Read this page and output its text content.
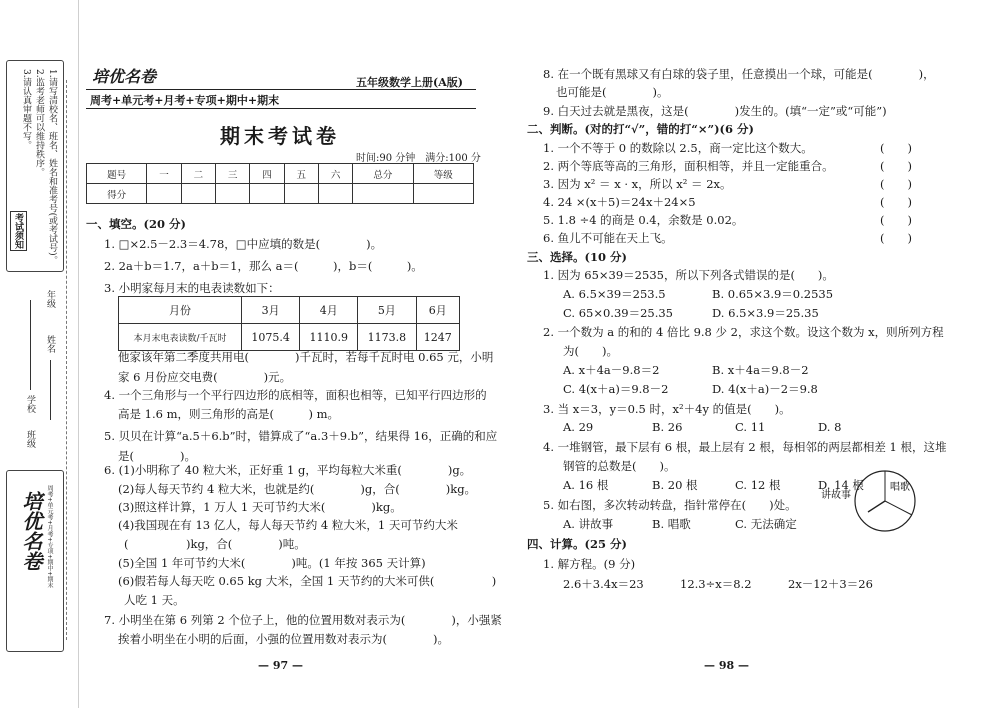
1.请写清校名、班名、姓名和准考号(或考试号)。
2.监考老师可以维持秩序。
3.请认真审题不写。
考试须知
学校
班级
姓名
年级
培优名卷 周考+单元考+月考+专项+期中+期末
培优名卷	五年级数学上册(A版)
周考+单元考+月考+专项+期中+期末
期末考试卷
时间:90 分钟　满分:100 分
题号	一	二	三	四	五	六	总分	等级
得分								
一、填空。(20 分)
1. □×2.5－2.3＝4.78，□中应填的数是(　　　　)。
2. 2a＋b＝1.7，a＋b＝1，那么 a＝(　　　)，b＝(　　　)。
3. 小明家每月末的电表读数如下：
月份	3月	4月	5月	6月
本月末电表读数/千瓦时	1075.4	1110.9	1173.8	1247
他家该年第二季度共用电(　　　　)千瓦时，若每千瓦时电 0.65 元，小明
家 6 月份应交电费(　　　　)元。
4. 一个三角形与一个平行四边形的底相等，面积也相等，已知平行四边形的
高是 1.6 m，则三角形的高是(　　　) m。
5. 贝贝在计算“a.5＋6.b”时，错算成了“a.3＋9.b”，结果得 16，正确的和应
是(　　　　)。
6. (1)小明称了 40 粒大米，正好重 1 g，平均每粒大米重(　　　　)g。
(2)每人每天节约 4 粒大米，也就是约(　　　　)g，合(　　　　)kg。
(3)照这样计算，1 万人 1 天可节约大米(　　　　)kg。
(4)我国现在有 13 亿人，每人每天节约 4 粒大米，1 天可节约大米
(　　　　　)kg，合(　　　　)吨。
(5)全国 1 年可节约大米(　　　　)吨。(1 年按 365 天计算)
(6)假若每人每天吃 0.65 kg 大米，全国 1 天节约的大米可供(　　　　　)
人吃 1 天。
7. 小明坐在第 6 列第 2 个位子上，他的位置用数对表示为(　　　　)，小强紧
挨着小明坐在小明的后面，小强的位置用数对表示为(　　　　)。
— 97 —
8. 在一个既有黑球又有白球的袋子里，任意摸出一个球，可能是(　　　　)，
也可能是(　　　　)。
9. 白天过去就是黑夜，这是(　　　　)发生的。(填“一定”或“可能”)
二、判断。(对的打“√”，错的打“×”)(6 分)
1. 一个不等于 0 的数除以 2.5，商一定比这个数大。	(　　)
2. 两个等底等高的三角形，面积相等，并且一定能重合。	(　　)
3. 因为 x² ＝ x · x，所以 x² ＝ 2x。	(　　)
4. 24 ×(x＋5)＝24x＋24×5	(　　)
5. 1.8 ÷4 的商是 0.4，余数是 0.02。	(　　)
6. 鱼儿不可能在天上飞。	(　　)
三、选择。(10 分)
1. 因为 65×39＝2535，所以下列各式错误的是(　　)。
A. 6.5×39＝253.5	B. 0.65×3.9＝0.2535
C. 65×0.39＝25.35	D. 6.5×3.9＝25.35
2. 一个数为 a 的和的 4 倍比 9.8 少 2，求这个数。设这个数为 x，则所列方程
为(　　)。
A. x＋4a－9.8＝2	B. x＋4a＝9.8－2
C. 4(x＋a)＝9.8－2	D. 4(x＋a)－2＝9.8
3. 当 x＝3，y＝0.5 时，x²＋4y 的值是(　　)。
A. 29	B. 26	C. 11	D. 8
4. 一堆钢管，最下层有 6 根，最上层有 2 根，每相邻的两层都相差 1 根，这堆
钢管的总数是(　　)。
A. 16 根	B. 20 根	C. 12 根	D. 14 根
5. 如右图，多次转动转盘，指针常停在(　　)处。
A. 讲故事	B. 唱歌	C. 无法确定
讲故事
唱歌
四、计算。(25 分)
1. 解方程。(9 分)
2.6＋3.4x＝23	12.3÷x＝8.2	2x－12＋3＝26
— 98 —
